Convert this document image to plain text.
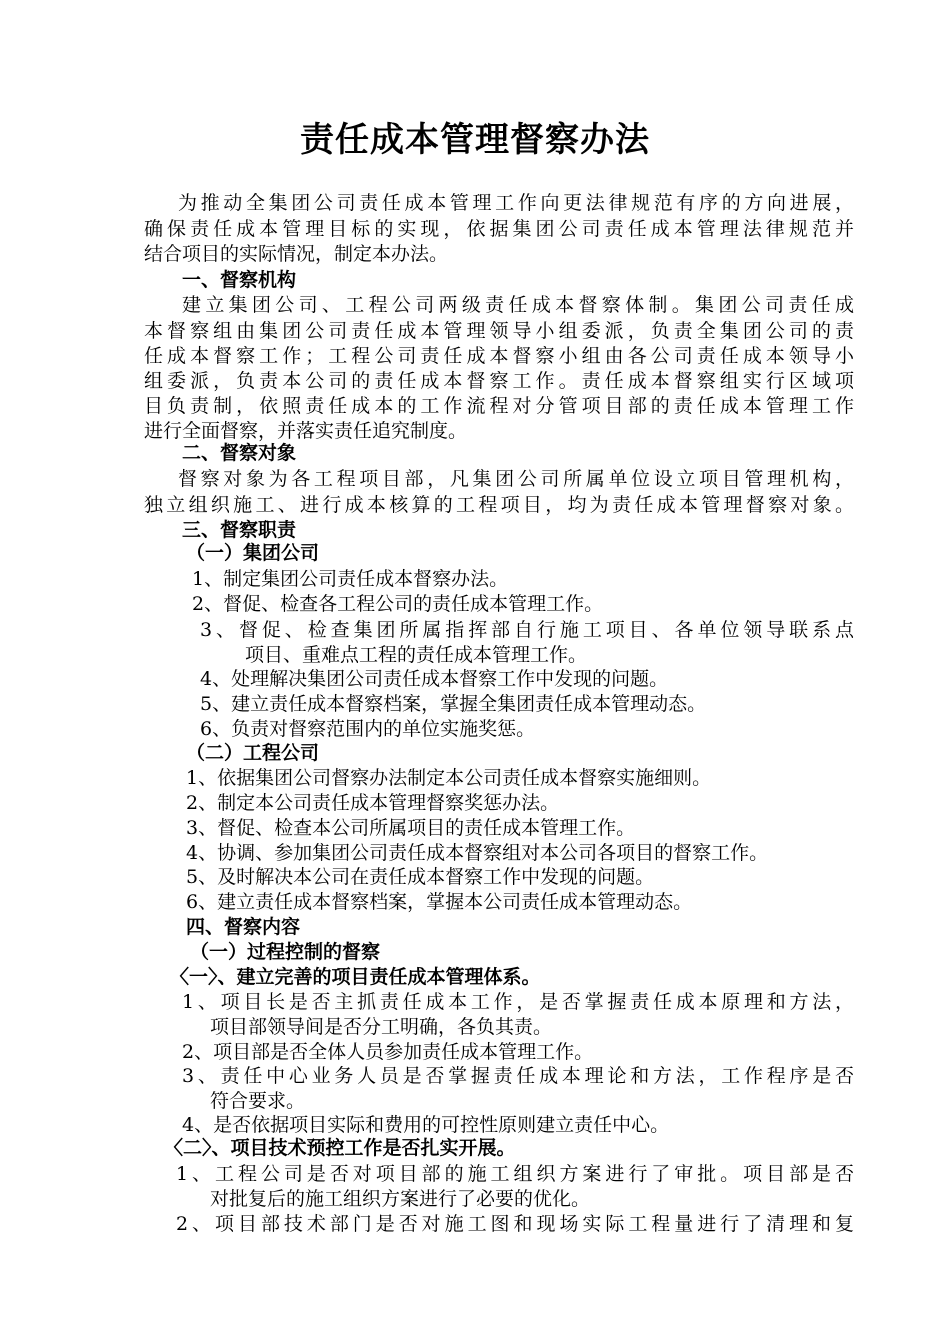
责任成本管理督察办法
为推动全集团公司责任成本管理工作向更法律规范有序的方向进展，
确保责任成本管理目标的实现，依据集团公司责任成本管理法律规范并
结合项目的实际情况，制定本办法。
一、督察机构
建立集团公司、工程公司两级责任成本督察体制。集团公司责任成
本督察组由集团公司责任成本管理领导小组委派，负责全集团公司的责
任成本督察工作；工程公司责任成本督察小组由各公司责任成本领导小
组委派，负责本公司的责任成本督察工作。责任成本督察组实行区域项
目负责制，依照责任成本的工作流程对分管项目部的责任成本管理工作
进行全面督察，并落实责任追究制度。
二、督察对象
督察对象为各工程项目部，凡集团公司所属单位设立项目管理机构，
独立组织施工、进行成本核算的工程项目，均为责任成本管理督察对象。
三、督察职责
（一）集团公司
1、制定集团公司责任成本督察办法。
2、督促、检查各工程公司的责任成本管理工作。
3、督促、检查集团所属指挥部自行施工项目、各单位领导联系点
项目、重难点工程的责任成本管理工作。
4、处理解决集团公司责任成本督察工作中发现的问题。
5、建立责任成本督察档案，掌握全集团责任成本管理动态。
6、负责对督察范围内的单位实施奖惩。
（二）工程公司
1、依据集团公司督察办法制定本公司责任成本督察实施细则。
2、制定本公司责任成本管理督察奖惩办法。
3、督促、检查本公司所属项目的责任成本管理工作。
4、协调、参加集团公司责任成本督察组对本公司各项目的督察工作。
5、及时解决本公司在责任成本督察工作中发现的问题。
6、建立责任成本督察档案，掌握本公司责任成本管理动态。
四、督察内容
（一）过程控制的督察
〈一〉、建立完善的项目责任成本管理体系。
1、项目长是否主抓责任成本工作，是否掌握责任成本原理和方法，
项目部领导间是否分工明确，各负其责。
2、项目部是否全体人员参加责任成本管理工作。
3、责任中心业务人员是否掌握责任成本理论和方法，工作程序是否
符合要求。
4、是否依据项目实际和费用的可控性原则建立责任中心。
〈二〉、项目技术预控工作是否扎实开展。
1、工程公司是否对项目部的施工组织方案进行了审批。项目部是否
对批复后的施工组织方案进行了必要的优化。
2、项目部技术部门是否对施工图和现场实际工程量进行了清理和复
